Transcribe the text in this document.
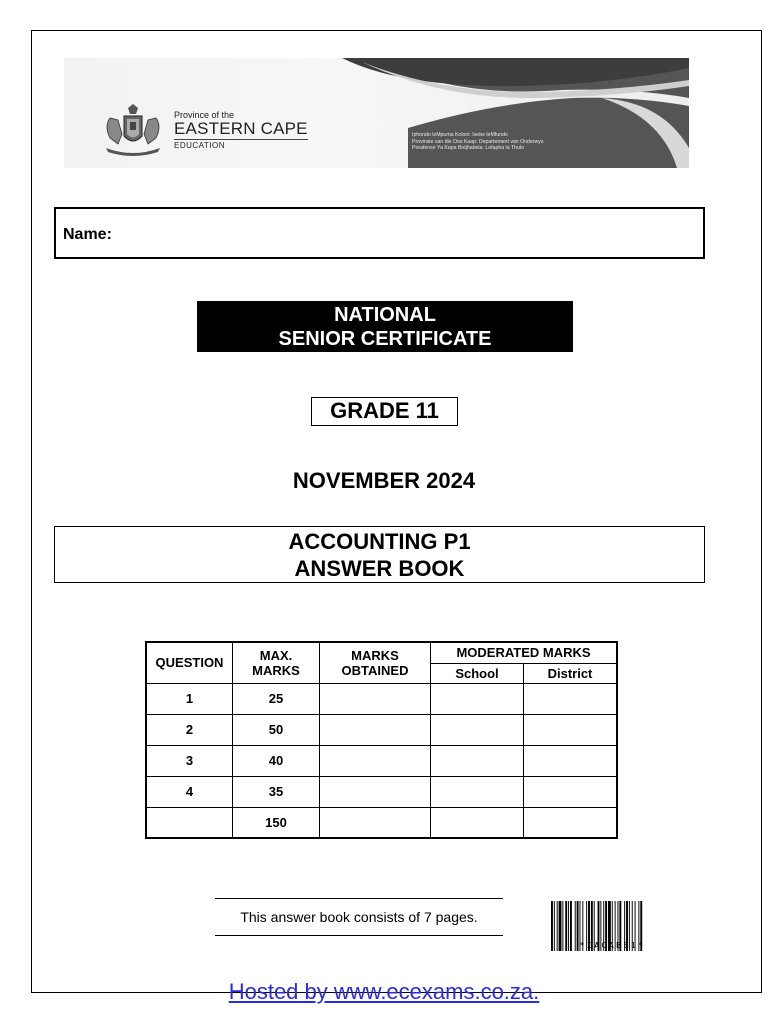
Province of the
EASTERN CAPE
EDUCATION
Iphondo leMpuma Koloni: Isebe leMfundo
Provinsie van die Oos Kaap: Departement van Onderwys
Porafense Ya Kapa Botjhabela: Lefapha la Thuto
Name:
NATIONAL
SENIOR CERTIFICATE
GRADE 11
NOVEMBER 2024
ACCOUNTING P1
ANSWER BOOK
QUESTION	MAX. MARKS	MARKS OBTAINED	MODERATED MARKS	
			School	District
1	25			
2	50			
3	40			
4	35			
	150			
This answer book consists of 7 pages.
*IACABE1*
Hosted by www.ecexams.co.za.
